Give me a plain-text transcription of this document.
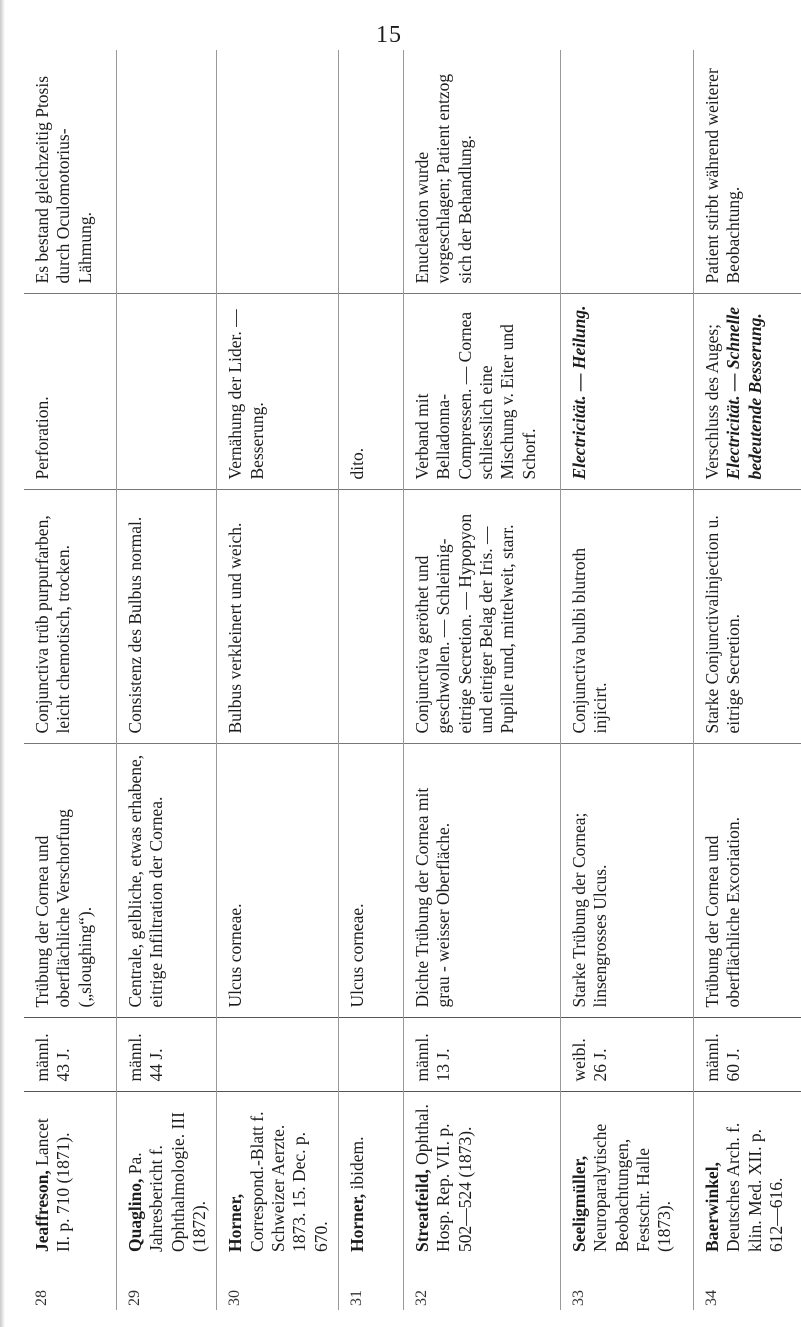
15
28	Jeaffreson, Lancet II. p. 710 (1871).	männl. 43 J.	Trübung der Cornea und oberflächliche Verschorfung („sloughing“).	Conjunctiva trüb purpurfarben, leicht chemotisch, trocken.	Perforation.	Es bestand gleichzeitig Ptosis durch Oculomotorius-Lähmung.
29	Quaglino, Pa. Jahresbericht f. Ophthalmologie. III (1872).	männl. 44 J.	Centrale, gelbliche, etwas erhabene, eitrige Infiltration der Cornea.	Consistenz des Bulbus normal.		
30	Horner, Correspond.-Blatt f. Schweizer Aerzte. 1873. 15. Dec. p. 670.		Ulcus corneae.	Bulbus verkleinert und weich.	Vernähung der Lider. — Besserung.	
31	Horner, ibidem.		Ulcus corneae.		dito.	
32	Streatfeild, Ophthal. Hosp. Rep. VII. p. 502—524 (1873).	männl. 13 J.	Dichte Trübung der Cornea mit grau - weisser Oberfläche.	Conjunctiva geröthet und geschwollen. — Schleimig-eitrige Secretion. — Hypopyon und eitriger Belag der Iris. — Pupille rund, mittelweit, starr.	Verband mit Belladonna-Compressen. — Cornea schliesslich eine Mischung v. Eiter und Schorf.	Enucleation wurde vorgeschlagen; Patient entzog sich der Behandlung.
33	Seeligmüller, Neuroparalytische Beobachtungen, Festschr. Halle (1873).	weibl. 26 J.	Starke Trübung der Cornea; linsengrosses Ulcus.	Conjunctiva bulbi blutroth injicirt.	Electricität. — Heilung.	
34	Baerwinkel, Deutsches Arch. f. klin. Med. XII. p. 612—616.	männl. 60 J.	Trübung der Cornea und oberflächliche Excoriation.	Starke Conjunctivalinjection u. eitrige Secretion.	Verschluss des Auges; Electricität. — Schnelle bedeutende Besserung.	Patient stirbt während weiterer Beobachtung.
